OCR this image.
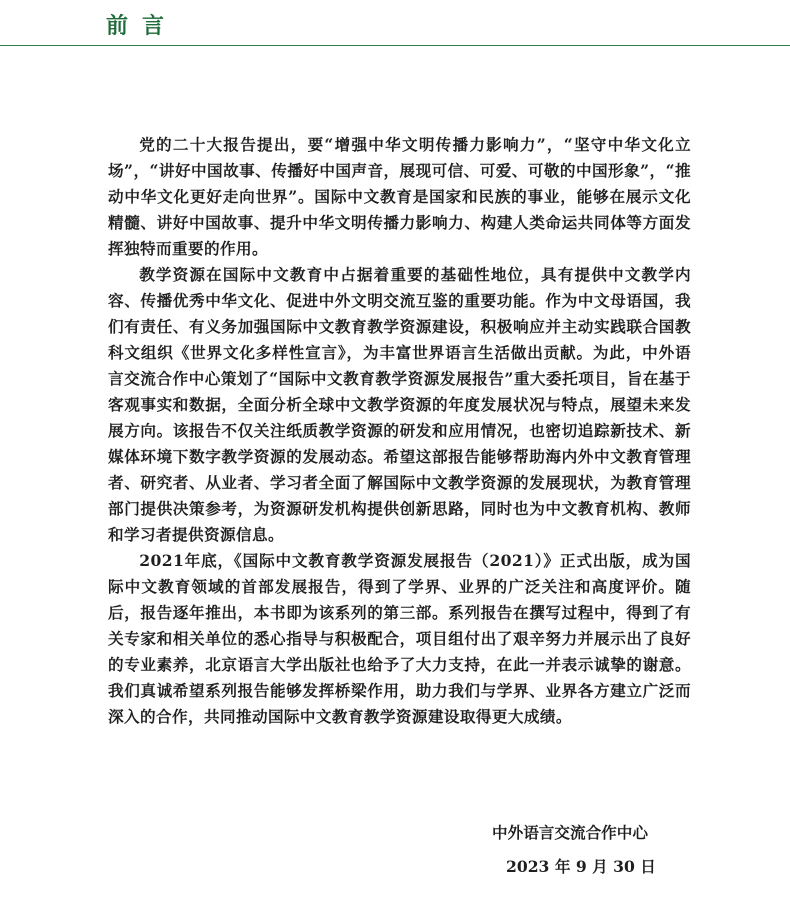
前言

党的二十大报告提出，要“增强中华文明传播力影响力”，“坚守中华文化立场”，“讲好中国故事、传播好中国声音，展现可信、可爱、可敬的中国形象”，“推动中华文化更好走向世界”。国际中文教育是国家和民族的事业，能够在展示文化精髓、讲好中国故事、提升中华文明传播力影响力、构建人类命运共同体等方面发挥独特而重要的作用。

教学资源在国际中文教育中占据着重要的基础性地位，具有提供中文教学内容、传播优秀中华文化、促进中外文明交流互鉴的重要功能。作为中文母语国，我们有责任、有义务加强国际中文教育教学资源建设，积极响应并主动实践联合国教科文组织《世界文化多样性宣言》，为丰富世界语言生活做出贡献。为此，中外语言交流合作中心策划了“国际中文教育教学资源发展报告”重大委托项目，旨在基于客观事实和数据，全面分析全球中文教学资源的年度发展状况与特点，展望未来发展方向。该报告不仅关注纸质教学资源的研发和应用情况，也密切追踪新技术、新媒体环境下数字教学资源的发展动态。希望这部报告能够帮助海内外中文教育管理者、研究者、从业者、学习者全面了解国际中文教学资源的发展现状，为教育管理部门提供决策参考，为资源研发机构提供创新思路，同时也为中文教育机构、教师和学习者提供资源信息。

2021年底，《国际中文教育教学资源发展报告（2021）》正式出版，成为国际中文教育领域的首部发展报告，得到了学界、业界的广泛关注和高度评价。随后，报告逐年推出，本书即为该系列的第三部。系列报告在撰写过程中，得到了有关专家和相关单位的悉心指导与积极配合，项目组付出了艰辛努力并展示出了良好的专业素养，北京语言大学出版社也给予了大力支持，在此一并表示诚挚的谢意。我们真诚希望系列报告能够发挥桥梁作用，助力我们与学界、业界各方建立广泛而深入的合作，共同推动国际中文教育教学资源建设取得更大成绩。

中外语言交流合作中心
2023 年 9 月 30 日
